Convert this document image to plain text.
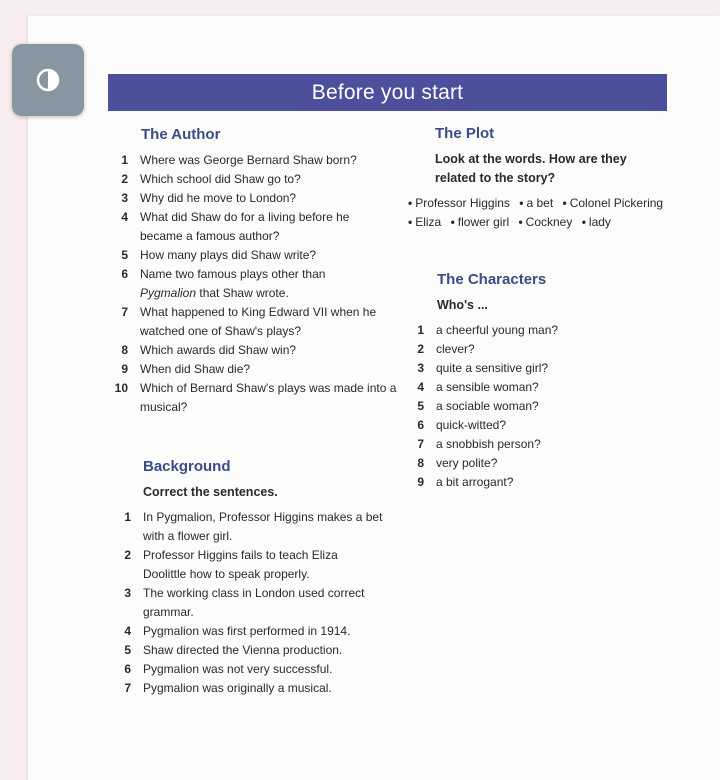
Before you start
The Author
1 Where was George Bernard Shaw born?
2 Which school did Shaw go to?
3 Why did he move to London?
4 What did Shaw do for a living before he became a famous author?
5 How many plays did Shaw write?
6 Name two famous plays other than
Pygmalion that Shaw wrote.
7 What happened to King Edward VII when he watched one of Shaw's plays?
8 Which awards did Shaw win?
9 When did Shaw die?
10 Which of Bernard Shaw's plays was made into a musical?
Background

Correct the sentences.

1 In Pygmalion, Professor Higgins makes a bet with a flower girl.
2 Professor Higgins fails to teach Eliza Doolittle how to speak properly.
3 The working class in London used correct grammar.
4 Pygmalion was first performed in 1914.
5 Shaw directed the Vienna production.
6 Pygmalion was not very successful.
7 Pygmalion was originally a musical.
The Plot

Look at the words. How are they related to the story?

• Professor Higgins • a bet • Colonel Pickering

• Eliza • flower girl • Cockney • lady

The Characters

Who's ...

1 a cheerful young man?
2 clever?
3 quite a sensitive girl?
4 a sensible woman?
5 a sociable woman?
6 quick-witted?
7 a snobbish person?
8 very polite?
9 a bit arrogant?
